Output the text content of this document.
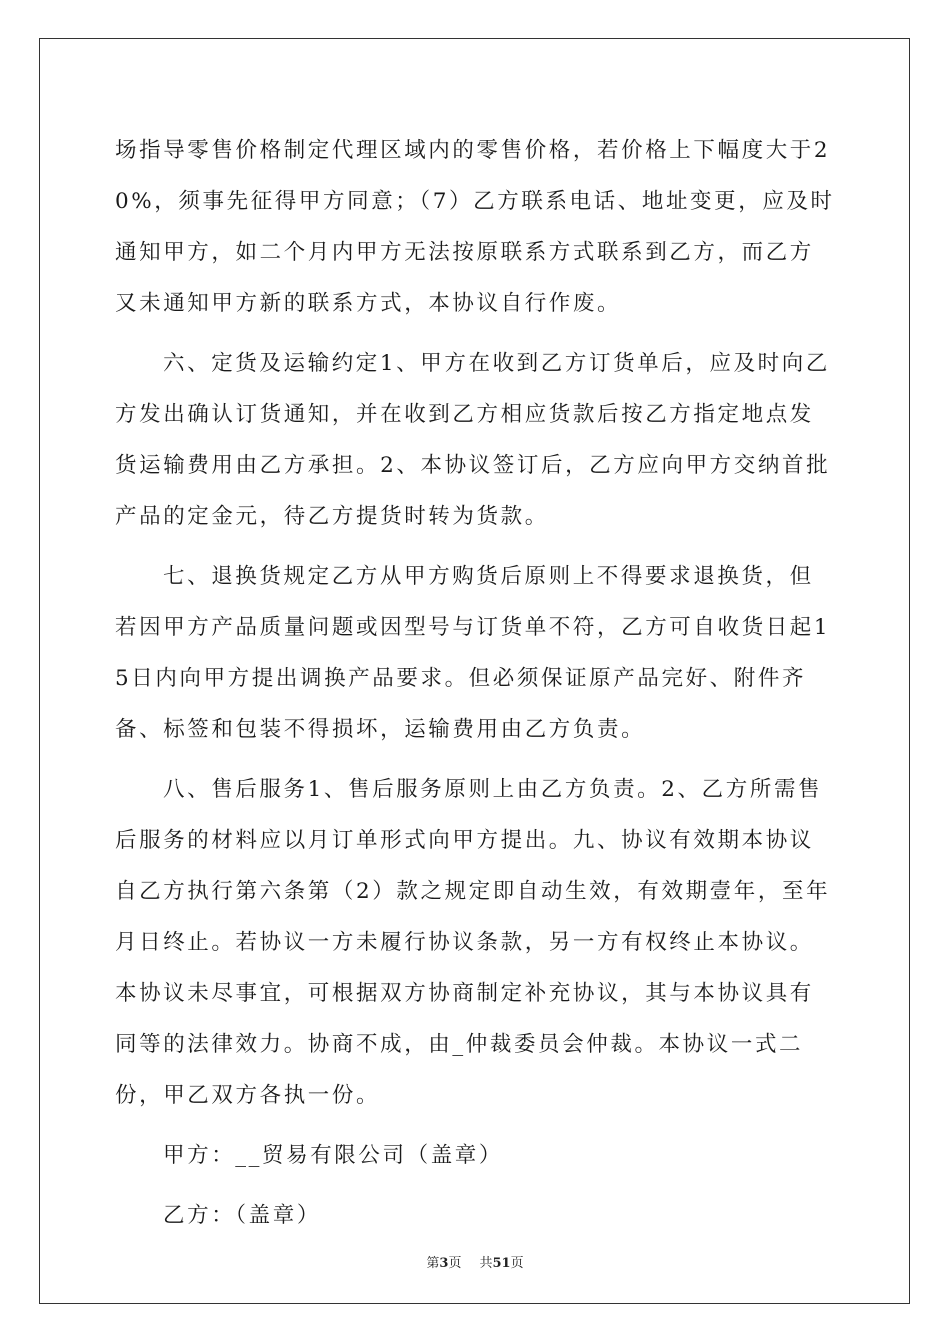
场指导零售价格制定代理区域内的零售价格，若价格上下幅度大于20%，须事先征得甲方同意；（7）乙方联系电话、地址变更，应及时通知甲方，如二个月内甲方无法按原联系方式联系到乙方，而乙方又未通知甲方新的联系方式，本协议自行作废。

六、定货及运输约定1、甲方在收到乙方订货单后，应及时向乙方发出确认订货通知，并在收到乙方相应货款后按乙方指定地点发货运输费用由乙方承担。2、本协议签订后，乙方应向甲方交纳首批产品的定金元，待乙方提货时转为货款。

七、退换货规定乙方从甲方购货后原则上不得要求退换货，但若因甲方产品质量问题或因型号与订货单不符，乙方可自收货日起15日内向甲方提出调换产品要求。但必须保证原产品完好、附件齐备、标签和包装不得损坏，运输费用由乙方负责。

八、售后服务1、售后服务原则上由乙方负责。2、乙方所需售后服务的材料应以月订单形式向甲方提出。九、协议有效期本协议自乙方执行第六条第（2）款之规定即自动生效，有效期壹年，至年月日终止。若协议一方未履行协议条款，另一方有权终止本协议。本协议未尽事宜，可根据双方协商制定补充协议，其与本协议具有同等的法律效力。协商不成，由_仲裁委员会仲裁。本协议一式二份，甲乙双方各执一份。

甲方：__贸易有限公司（盖章）
乙方：（盖章）
第3页 共51页
